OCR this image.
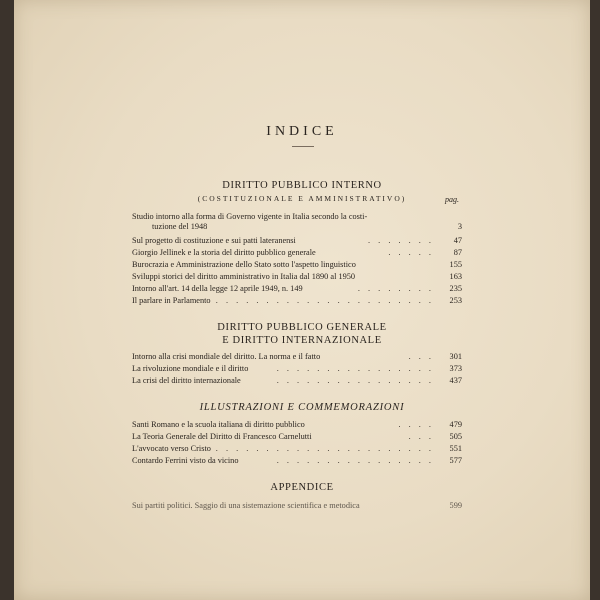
INDICE
DIRITTO PUBBLICO INTERNO
(COSTITUZIONALE E AMMINISTRATIVO)	pag.
Studio intorno alla forma di Governo vigente in Italia secondo la costi-
tuzione del 1948	3
Sul progetto di costituzione e sui patti lateranensi	. . . . . . .	47
Giorgio Jellinek e la storia del diritto pubblico generale	. . . . .	87
Burocrazia e Amministrazione dello Stato sotto l'aspetto linguistico	155
Sviluppi storici del diritto amministrativo in Italia dal 1890 al 1950	163
Intorno all'art. 14 della legge 12 aprile 1949, n. 149	. . . . . . . .	235
Il parlare in Parlamento . . . . . . . . . . . . . . . . . . . . . .	253
DIRITTO PUBBLICO GENERALE
E DIRITTO INTERNAZIONALE
Intorno alla crisi mondiale del diritto. La norma e il fatto	. . .	301
La rivoluzione mondiale e il diritto	. . . . . . . . . . . . . . . .	373
La crisi del diritto internazionale	. . . . . . . . . . . . . . . .	437
ILLUSTRAZIONI E COMMEMORAZIONI
Santi Romano e la scuola italiana di diritto pubblico	. . . .	479
La Teoria Generale del Diritto di Francesco Carnelutti	. . .	505
L'avvocato verso Cristo . . . . . . . . . . . . . . . . . . . . . .	551
Contardo Ferrini visto da vicino	. . . . . . . . . . . . . . . .	577
APPENDICE
Sui partiti politici. Saggio di una sistemazione scientifica e metodica	599
